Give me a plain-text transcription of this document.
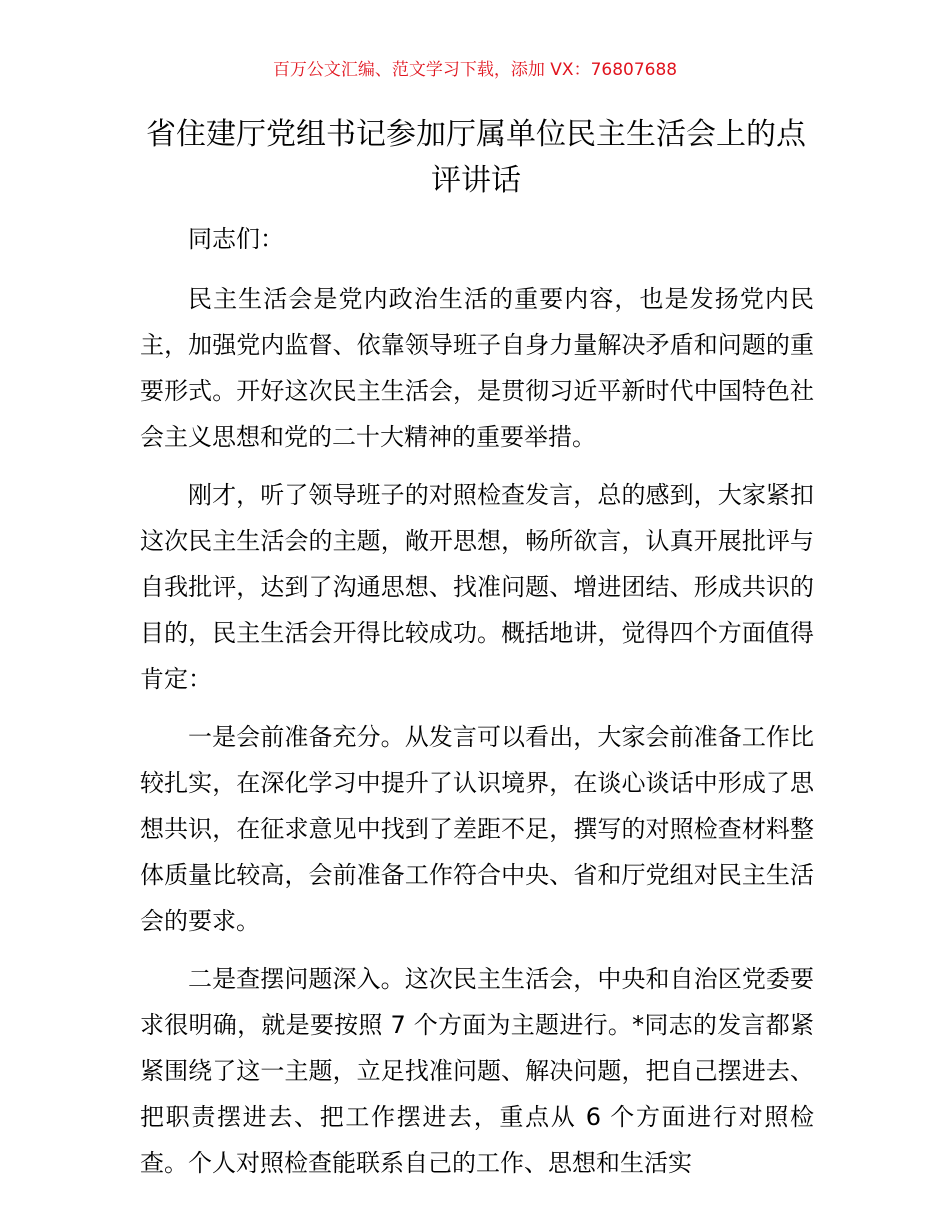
百万公文汇编、范文学习下载，添加 VX：76807688
省住建厅党组书记参加厅属单位民主生活会上的点评讲话

同志们：

民主生活会是党内政治生活的重要内容，也是发扬党内民主，加强党内监督、依靠领导班子自身力量解决矛盾和问题的重要形式。开好这次民主生活会，是贯彻习近平新时代中国特色社会主义思想和党的二十大精神的重要举措。

刚才，听了领导班子的对照检查发言，总的感到，大家紧扣这次民主生活会的主题，敞开思想，畅所欲言，认真开展批评与自我批评，达到了沟通思想、找准问题、增进团结、形成共识的目的，民主生活会开得比较成功。概括地讲，觉得四个方面值得肯定：

一是会前准备充分。从发言可以看出，大家会前准备工作比较扎实，在深化学习中提升了认识境界，在谈心谈话中形成了思想共识，在征求意见中找到了差距不足，撰写的对照检查材料整体质量比较高，会前准备工作符合中央、省和厅党组对民主生活会的要求。

二是查摆问题深入。这次民主生活会，中央和自治区党委要求很明确，就是要按照 7 个方面为主题进行。*同志的发言都紧紧围绕了这一主题，立足找准问题、解决问题，把自己摆进去、把职责摆进去、把工作摆进去，重点从 6 个方面进行对照检查。个人对照检查能联系自己的工作、思想和生活实
